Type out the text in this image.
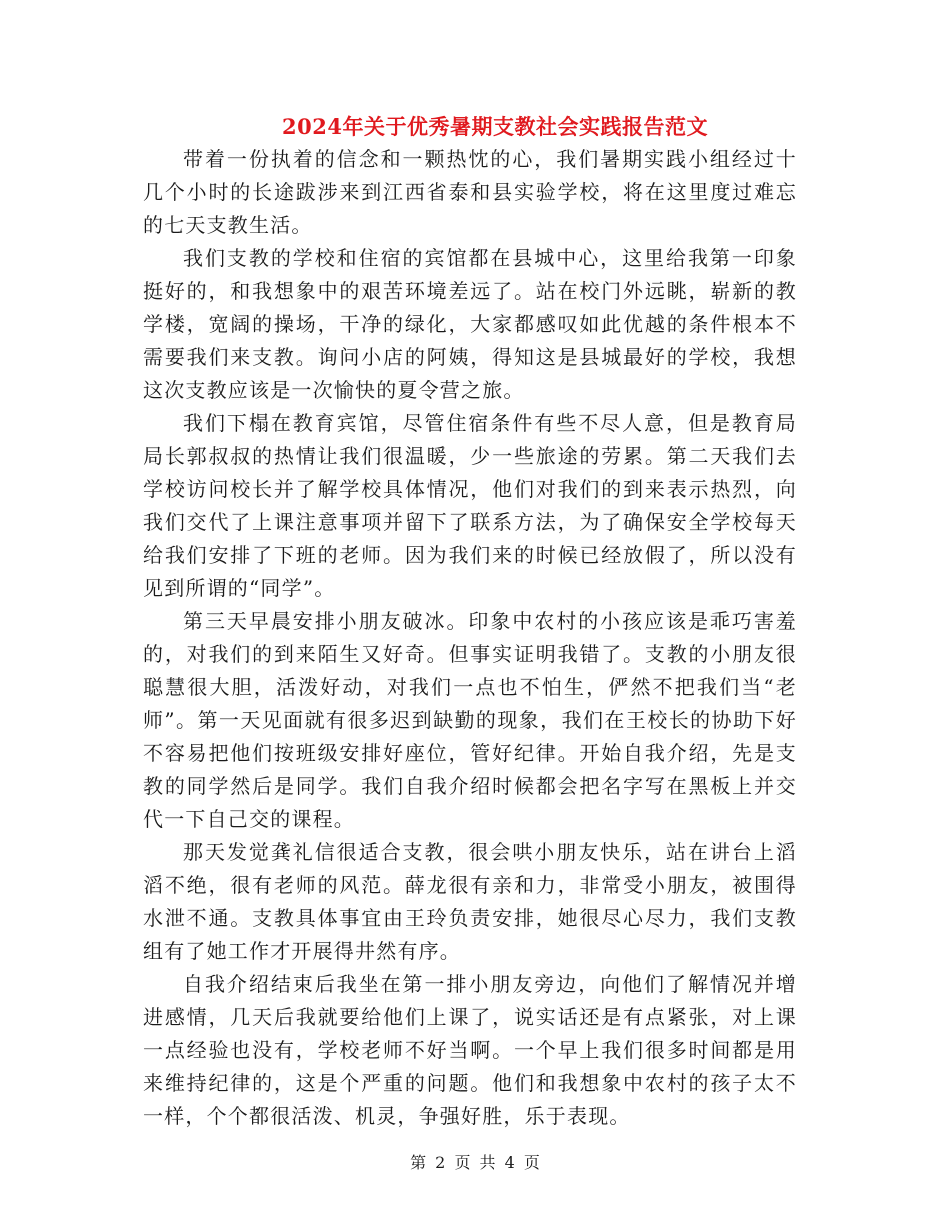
2024年关于优秀暑期支教社会实践报告范文

带着一份执着的信念和一颗热忱的心，我们暑期实践小组经过十几个小时的长途跋涉来到江西省泰和县实验学校，将在这里度过难忘的七天支教生活。

我们支教的学校和住宿的宾馆都在县城中心，这里给我第一印象挺好的，和我想象中的艰苦环境差远了。站在校门外远眺，崭新的教学楼，宽阔的操场，干净的绿化，大家都感叹如此优越的条件根本不需要我们来支教。询问小店的阿姨，得知这是县城最好的学校，我想这次支教应该是一次愉快的夏令营之旅。

我们下榻在教育宾馆，尽管住宿条件有些不尽人意，但是教育局局长郭叔叔的热情让我们很温暖，少一些旅途的劳累。第二天我们去学校访问校长并了解学校具体情况，他们对我们的到来表示热烈，向我们交代了上课注意事项并留下了联系方法，为了确保安全学校每天给我们安排了下班的老师。因为我们来的时候已经放假了，所以没有见到所谓的“同学”。

第三天早晨安排小朋友破冰。印象中农村的小孩应该是乖巧害羞的，对我们的到来陌生又好奇。但事实证明我错了。支教的小朋友很聪慧很大胆，活泼好动，对我们一点也不怕生，俨然不把我们当“老师”。第一天见面就有很多迟到缺勤的现象，我们在王校长的协助下好不容易把他们按班级安排好座位，管好纪律。开始自我介绍，先是支教的同学然后是同学。我们自我介绍时候都会把名字写在黑板上并交代一下自己交的课程。

那天发觉龚礼信很适合支教，很会哄小朋友快乐，站在讲台上滔滔不绝，很有老师的风范。薛龙很有亲和力，非常受小朋友，被围得水泄不通。支教具体事宜由王玲负责安排，她很尽心尽力，我们支教组有了她工作才开展得井然有序。

自我介绍结束后我坐在第一排小朋友旁边，向他们了解情况并增进感情，几天后我就要给他们上课了，说实话还是有点紧张，对上课一点经验也没有，学校老师不好当啊。一个早上我们很多时间都是用来维持纪律的，这是个严重的问题。他们和我想象中农村的孩子太不一样，个个都很活泼、机灵，争强好胜，乐于表现。

第 2 页 共 4 页
